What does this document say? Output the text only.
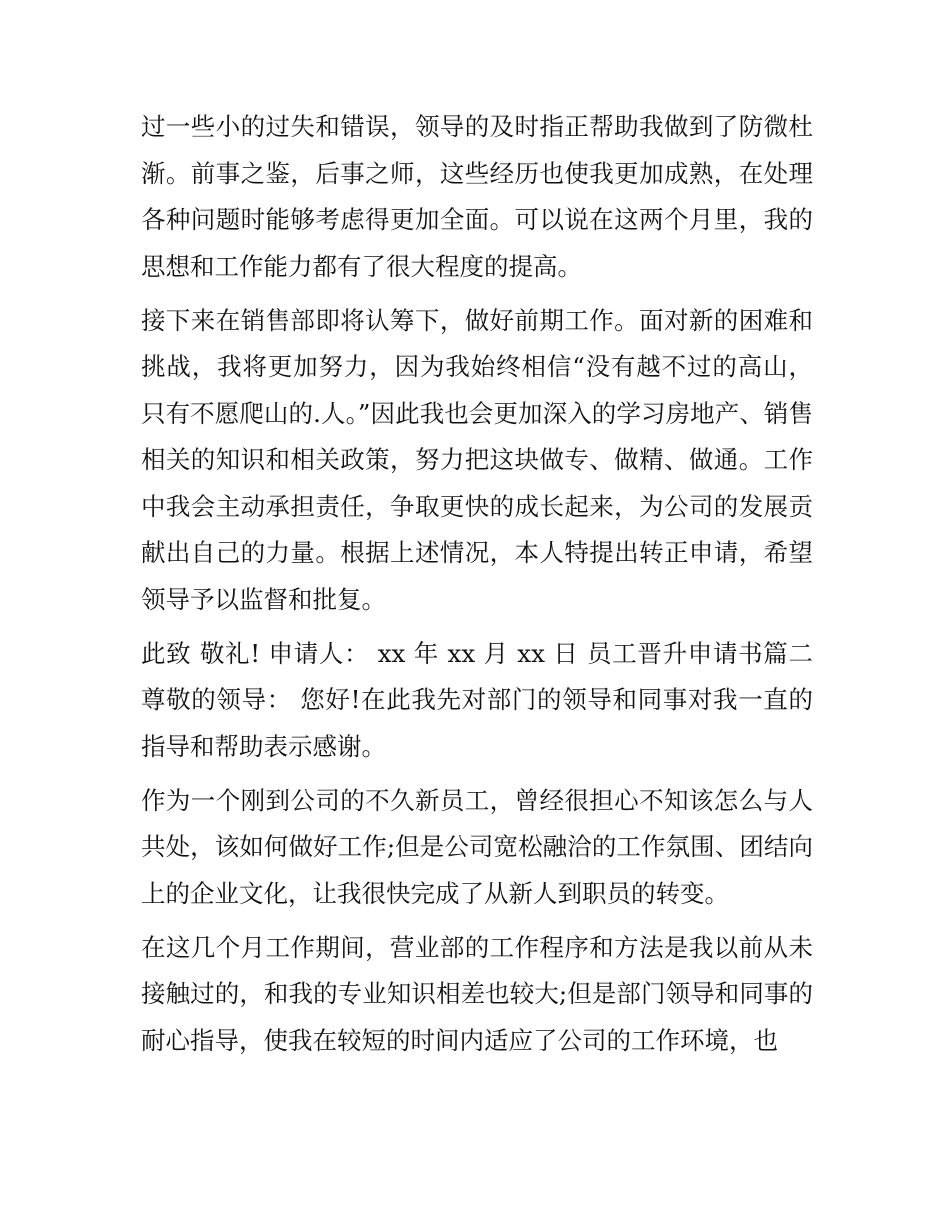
过一些小的过失和错误，领导的及时指正帮助我做到了防微杜渐。前事之鉴，后事之师，这些经历也使我更加成熟，在处理各种问题时能够考虑得更加全面。可以说在这两个月里，我的思想和工作能力都有了很大程度的提高。

接下来在销售部即将认筹下，做好前期工作。面对新的困难和挑战，我将更加努力，因为我始终相信“没有越不过的高山，只有不愿爬山的.人。”因此我也会更加深入的学习房地产、销售相关的知识和相关政策，努力把这块做专、做精、做通。工作中我会主动承担责任，争取更快的成长起来，为公司的发展贡献出自己的力量。根据上述情况，本人特提出转正申请，希望领导予以监督和批复。

此致 敬礼! 申请人： xx 年 xx 月 xx 日 员工晋升申请书篇二 尊敬的领导： 您好!在此我先对部门的领导和同事对我一直的指导和帮助表示感谢。

作为一个刚到公司的不久新员工，曾经很担心不知该怎么与人共处，该如何做好工作;但是公司宽松融洽的工作氛围、团结向上的企业文化，让我很快完成了从新人到职员的转变。

在这几个月工作期间，营业部的工作程序和方法是我以前从未接触过的，和我的专业知识相差也较大;但是部门领导和同事的耐心指导，使我在较短的时间内适应了公司的工作环境，也
